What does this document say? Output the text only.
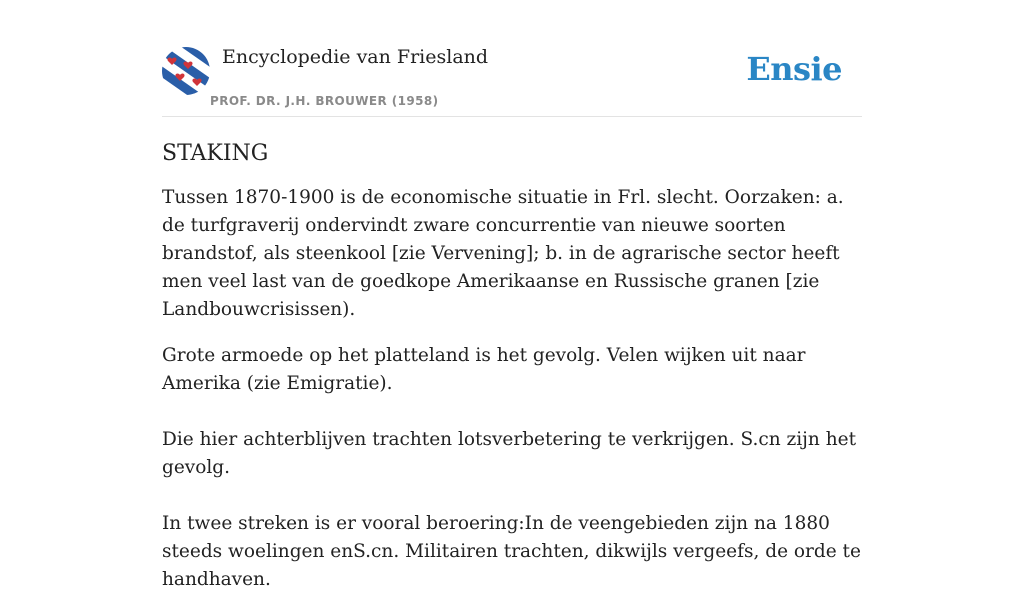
Encyclopedie van Friesland
PROF. DR. J.H. BROUWER (1958)
Ensie
STAKING

Tussen 1870-1900 is de economische situatie in Frl. slecht. Oorzaken: a. de turfgraverij ondervindt zware concurrentie van nieuwe soorten brandstof, als steenkool [zie Vervening]; b. in de agrarische sector heeft men veel last van de goedkope Amerikaanse en Russische granen [zie Landbouwcrisissen).

Grote armoede op het platteland is het gevolg. Velen wijken uit naar Amerika (zie Emigratie).

Die hier achterblijven trachten lotsverbetering te verkrijgen. S.cn zijn het gevolg.

In twee streken is er vooral beroering:In de veengebieden zijn na 1880 steeds woelingen enS.cn. Militairen trachten, dikwijls vergeefs, de orde te handhaven.
